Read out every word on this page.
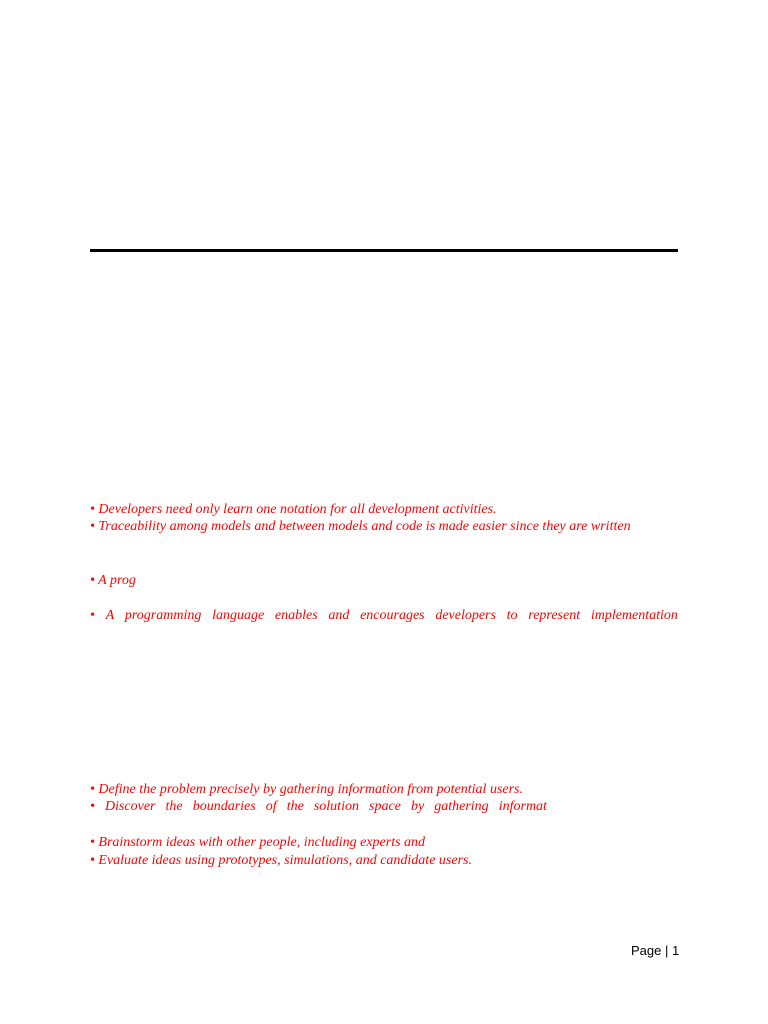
• Developers need only learn one notation for all development activities.
• Traceability among models and between models and code is made easier since they are written
• A prog
• A programming language enables and encourages developers to represent implementation
• Define the problem precisely by gathering information from potential users.
• Discover the boundaries of the solution space by gathering informat
• Brainstorm ideas with other people, including experts and
• Evaluate ideas using prototypes, simulations, and candidate users.
Page | 1
